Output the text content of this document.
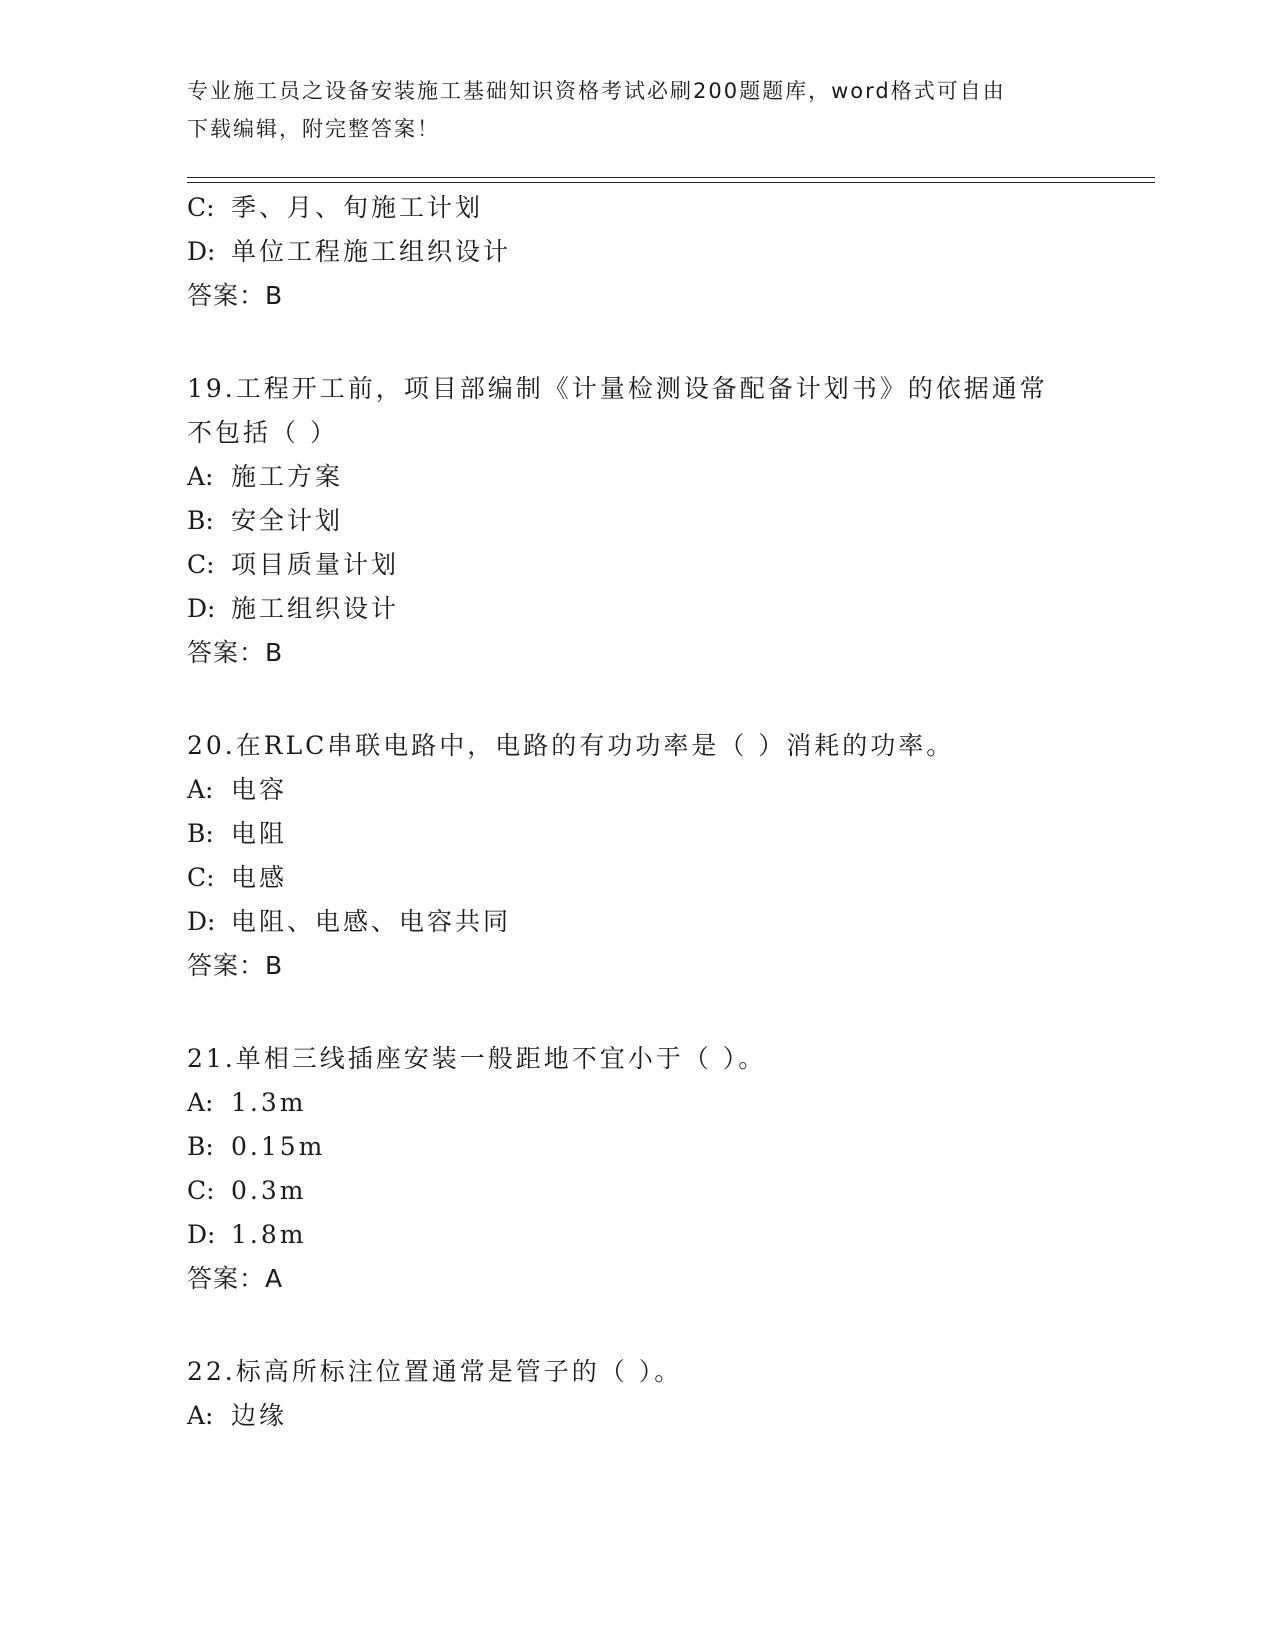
专业施工员之设备安装施工基础知识资格考试必刷200题题库，word格式可自由
下载编辑，附完整答案！
C: 季、月、旬施工计划
D: 单位工程施工组织设计
答案：B
19.工程开工前，项目部编制《计量检测设备配备计划书》的依据通常
不包括（ ）
A: 施工方案
B: 安全计划
C: 项目质量计划
D: 施工组织设计
答案：B
20.在RLC串联电路中，电路的有功功率是（ ）消耗的功率。
A: 电容
B: 电阻
C: 电感
D: 电阻、电感、电容共同
答案：B
21.单相三线插座安装一般距地不宜小于（ ）。
A: 1.3m
B: 0.15m
C: 0.3m
D: 1.8m
答案：A
22.标高所标注位置通常是管子的（ ）。
A: 边缘
